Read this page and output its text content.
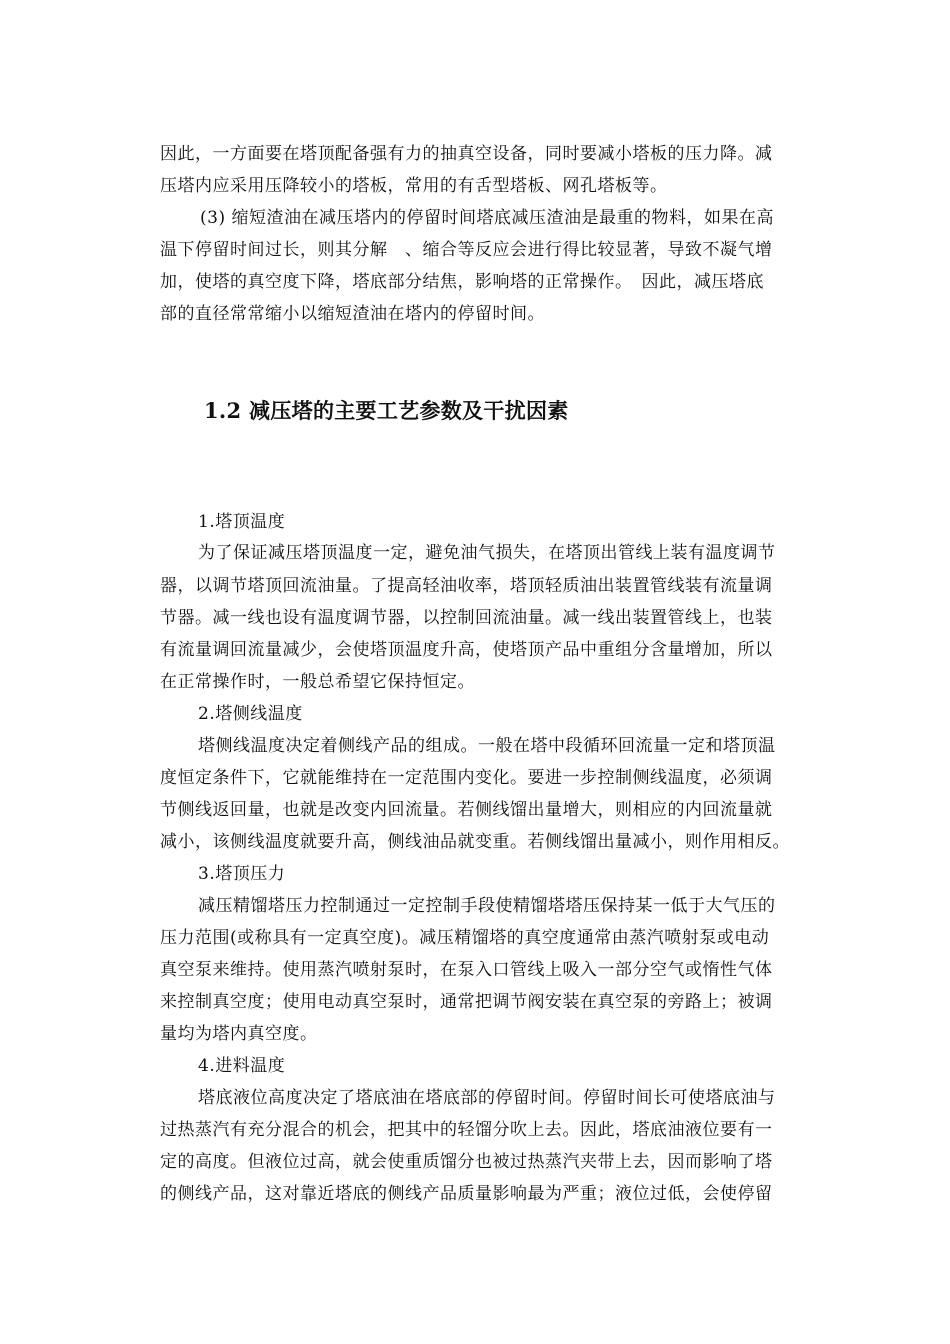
因此，一方面要在塔顶配备强有力的抽真空设备，同时要减小塔板的压力降。减
压塔内应采用压降较小的塔板，常用的有舌型塔板、网孔塔板等。
(3) 缩短渣油在减压塔内的停留时间塔底减压渣油是最重的物料，如果在高
温下停留时间过长，则其分解　、缩合等反应会进行得比较显著，导致不凝气增
加，使塔的真空度下降，塔底部分结焦，影响塔的正常操作。　因此，减压塔底
部的直径常常缩小以缩短渣油在塔内的停留时间。
1.2 减压塔的主要工艺参数及干扰因素
1.塔顶温度
为了保证减压塔顶温度一定，避免油气损失，在塔顶出管线上装有温度调节
器，以调节塔顶回流油量。了提高轻油收率，塔顶轻质油出装置管线装有流量调
节器。减一线也设有温度调节器，以控制回流油量。减一线出装置管线上，也装
有流量调回流量减少，会使塔顶温度升高，使塔顶产品中重组分含量增加，所以
在正常操作时，一般总希望它保持恒定。
2.塔侧线温度
塔侧线温度决定着侧线产品的组成。一般在塔中段循环回流量一定和塔顶温
度恒定条件下，它就能维持在一定范围内变化。要进一步控制侧线温度，必须调
节侧线返回量，也就是改变内回流量。若侧线馏出量增大，则相应的内回流量就
减小，该侧线温度就要升高，侧线油品就变重。若侧线馏出量减小，则作用相反。
3.塔顶压力
减压精馏塔压力控制通过一定控制手段使精馏塔塔压保持某一低于大气压的
压力范围(或称具有一定真空度)。减压精馏塔的真空度通常由蒸汽喷射泵或电动
真空泵来维持。使用蒸汽喷射泵时，在泵入口管线上吸入一部分空气或惰性气体
来控制真空度；使用电动真空泵时，通常把调节阀安装在真空泵的旁路上；被调
量均为塔内真空度。
4.进料温度
塔底液位高度决定了塔底油在塔底部的停留时间。停留时间长可使塔底油与
过热蒸汽有充分混合的机会，把其中的轻馏分吹上去。因此，塔底油液位要有一
定的高度。但液位过高，就会使重质馏分也被过热蒸汽夹带上去，因而影响了塔
的侧线产品，这对靠近塔底的侧线产品质量影响最为严重；液位过低，会使停留
